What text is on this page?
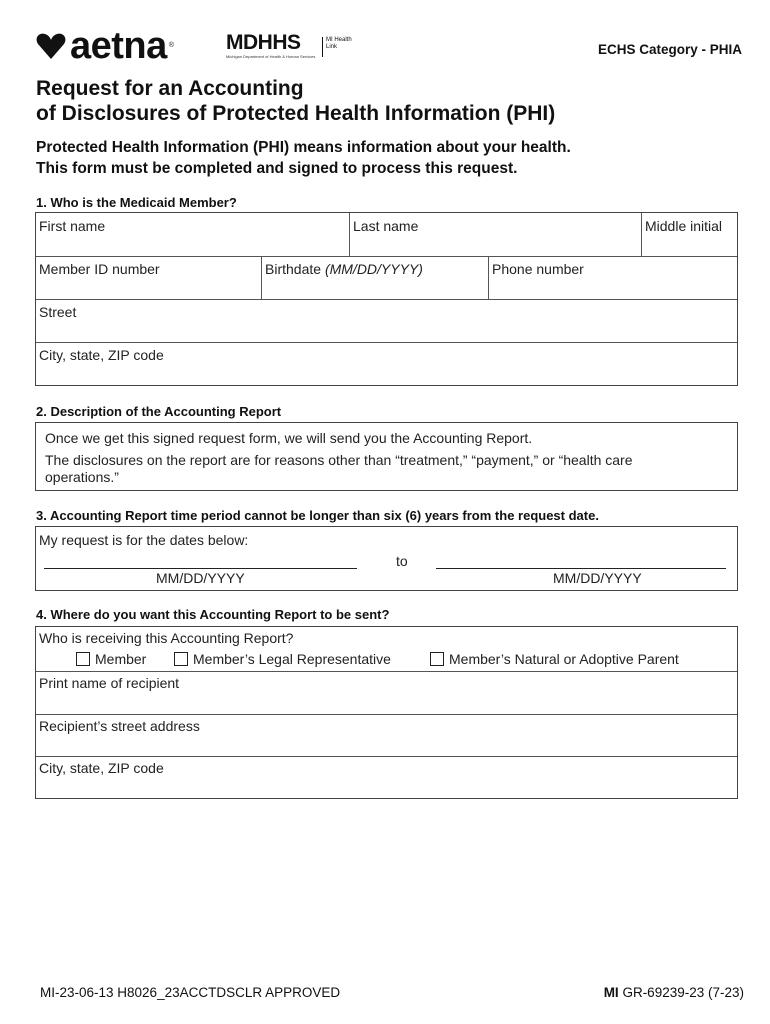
aetna ®	MDHHS
Michigan Department of Health & Human Services
MI Health Link	ECHS Category - PHIA
Request for an Accounting
of Disclosures of Protected Health Information (PHI)
Protected Health Information (PHI) means information about your health.
This form must be completed and signed to process this request.
1. Who is the Medicaid Member?
First name	Last name	Middle initial
Member ID number	Birthdate (MM/DD/YYYY)	Phone number
Street
City, state, ZIP code
2. Description of the Accounting Report
Once we get this signed request form, we will send you the Accounting Report.
The disclosures on the report are for reasons other than “treatment,” “payment,” or “health care
operations.”
3. Accounting Report time period cannot be longer than six (6) years from the request date.
My request is for the dates below:
to
MM/DD/YYYY	MM/DD/YYYY
4. Where do you want this Accounting Report to be sent?
Who is receiving this Accounting Report?
Member	Member’s Legal Representative	Member’s Natural or Adoptive Parent
Print name of recipient
Recipient’s street address
City, state, ZIP code
MI-23-06-13 H8026_23ACCTDSCLR APPROVED	MI GR-69239-23 (7-23)
